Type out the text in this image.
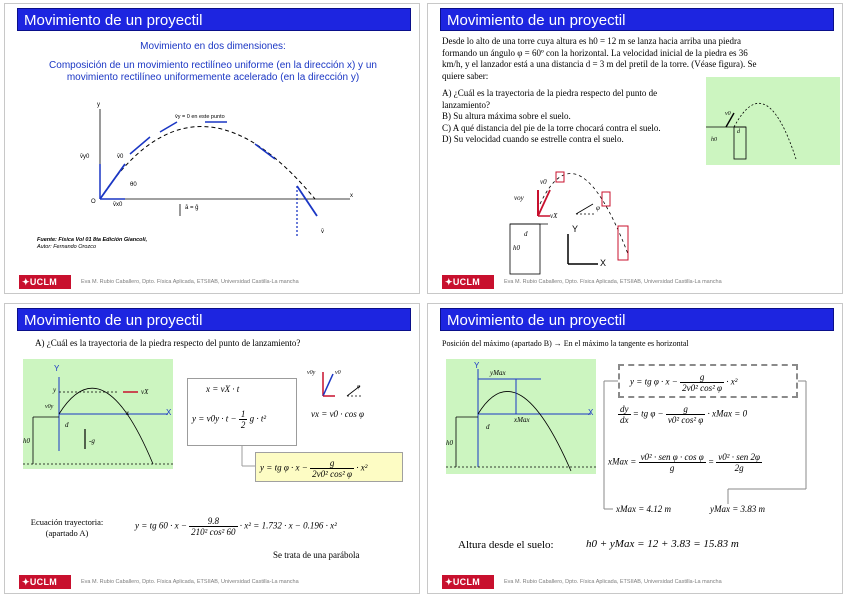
Movimiento de un proyectil
Movimiento en dos dimensiones:
Composición de un movimiento rectilíneo uniforme (en la dirección x) y un movimiento rectilíneo uniformemente acelerado (en la dirección y)
v̄y = 0 en este punto
v̄y0	v̄0
v̄x0
θ0
ā = ḡ
x
y
O
v̄
Fuente: Física Vol 01 8ta Edición Giancoli,
Autor: Fernando Orozco
✦UCLM	Eva M. Rubio Caballero, Dpto. Física Aplicada, ETSIIAB, Universidad Castilla-La mancha
Movimiento de un proyectil
Desde lo alto de una torre cuya altura es h0 = 12 m se lanza hacia arriba una piedra formando un ángulo φ = 60º con la horizontal. La velocidad inicial de la piedra es 36 km/h, y el lanzador está a una distancia d = 3 m del pretil de la torre. (Véase figura). Se quiere saber:
A) ¿Cuál es la trayectoria de la piedra respecto del punto de lanzamiento?
B) Su altura máxima sobre el suelo.
C) A qué distancia del pie de la torre chocará contra el suelo.
D) Su velocidad cuando se estrelle contra el suelo.
v0
d
h0
voy
v0
vX
d
h0
Y
X
φ
✦UCLM	Eva M. Rubio Caballero, Dpto. Física Aplicada, ETSIIAB, Universidad Castilla-La mancha
Movimiento de un proyectil
A) ¿Cuál es la trayectoria de la piedra respecto del punto de lanzamiento?
Y
X
y
x
vX
v0y
d
h0	-g
x = vX · t
$y = v0y \cdot t - \frac{1}{2}$ g · t²
v0y	v0
φ
vx = v0 · cos φ
y = tg $\varphi \cdot x - \frac{g}{\text{2v0² cos² φ}} \cdot x^2$
Ecuación trayectoria:
(apartado A)
y = tg $60 \cdot x - \frac{9.8}{\text{210² cos² 60}} \cdot x^2 = 1.732 \cdot x - 0.196 \cdot x^2$
Se trata de una parábola
✦UCLM	Eva M. Rubio Caballero, Dpto. Física Aplicada, ETSIIAB, Universidad Castilla-La mancha
Movimiento de un proyectil
Posición del máximo (apartado B) → En el máximo la tangente es horizontal
Y
X
yMax
xMax
d
h0
y = tg $\varphi \cdot x - \frac{g}{\text{2v0² cos² φ}} \cdot x^2$
$\frac{dy}{dx}$ = tg $\varphi - \frac{g}{\text{v0² cos² φ}}$ · xMax = 0
xMax = $\frac{\text{v0² · sen φ · cos φ}}{g} = \frac{\text{v0² · sen 2φ}}{2g}$
xMax = 4.12 m	yMax = 3.83 m
Altura desde el suelo:	h0 + yMax = 12 + 3.83 = 15.83 m
✦UCLM	Eva M. Rubio Caballero, Dpto. Física Aplicada, ETSIIAB, Universidad Castilla-La mancha
